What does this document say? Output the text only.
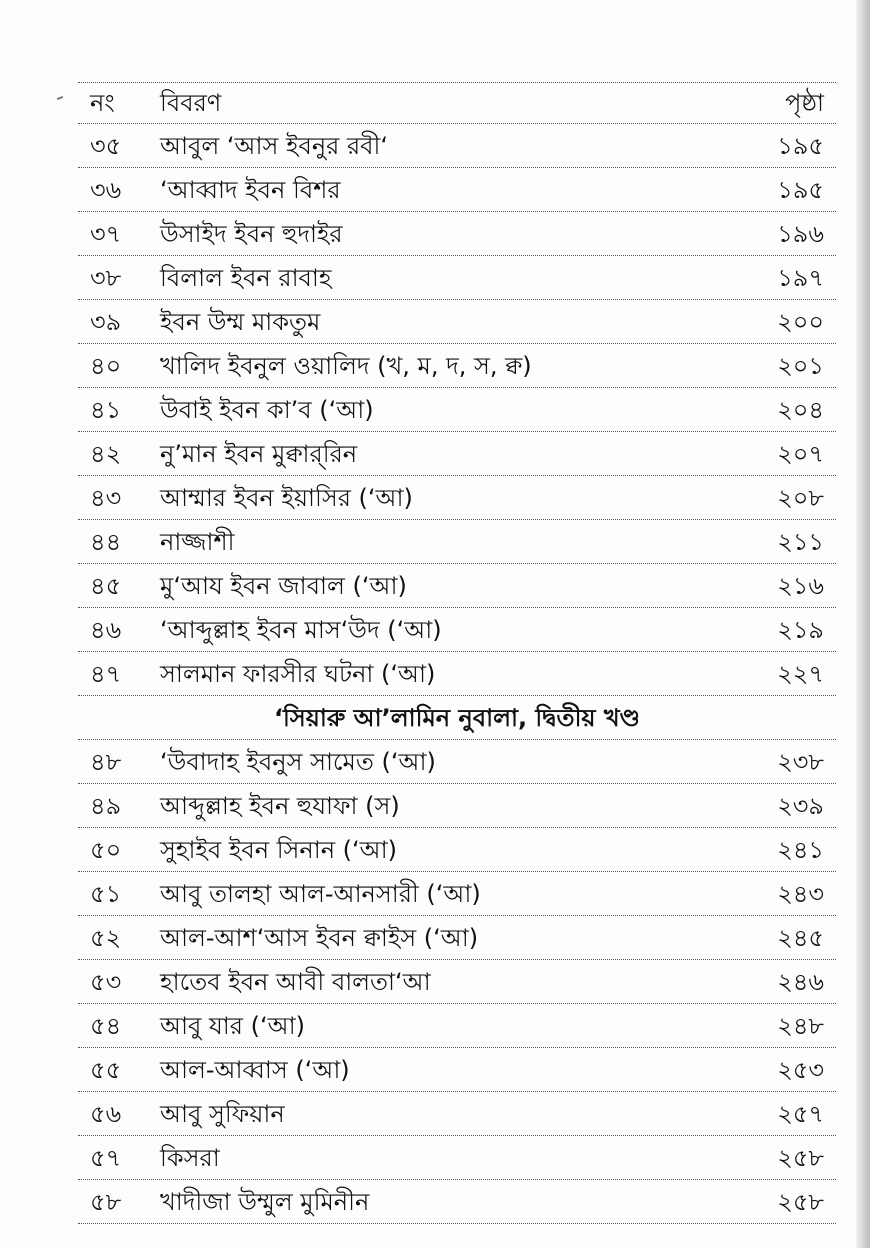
নং বিবরণ	পৃষ্ঠা
৩৫ আবুল ‘আস ইবনুর রবী‘	১৯৫
৩৬ ‘আব্বাদ ইবন বিশর	১৯৫
৩৭ উসাইদ ইবন হুদাইর	১৯৬
৩৮ বিলাল ইবন রাবাহ	১৯৭
৩৯ ইবন উম্ম মাকতুম	২০০
৪০ খালিদ ইবনুল ওয়ালিদ (খ, ম, দ, স, ক্ব)	২০১
৪১ উবাই ইবন কা’ব (‘আ)	২০৪
৪২ নু’মান ইবন মুক্বার্‌রিন	২০৭
৪৩ আম্মার ইবন ইয়াসির (‘আ)	২০৮
৪৪ নাজ্জাশী	২১১
৪৫ মু‘আয ইবন জাবাল (‘আ)	২১৬
৪৬ ‘আব্দুল্লাহ ইবন মাস‘উদ (‘আ)	২১৯
৪৭ সালমান ফারসীর ঘটনা (‘আ)	২২৭
‘সিয়ারু আ’লামিন নুবালা, দ্বিতীয় খণ্ড
৪৮ ‘উবাদাহ ইবনুস সামেত (‘আ)	২৩৮
৪৯ আব্দুল্লাহ ইবন হুযাফা (স)	২৩৯
৫০ সুহাইব ইবন সিনান (‘আ)	২৪১
৫১ আবু তালহা আল-আনসারী (‘আ)	২৪৩
৫২ আল-আশ‘আস ইবন ক্বাইস (‘আ)	২৪৫
৫৩ হাতেব ইবন আবী বালতা‘আ	২৪৬
৫৪ আবু যার (‘আ)	২৪৮
৫৫ আল-আব্বাস (‘আ)	২৫৩
৫৬ আবু সুফিয়ান	২৫৭
৫৭ কিসরা	২৫৮
৫৮ খাদীজা উম্মুল মুমিনীন	২৫৮
